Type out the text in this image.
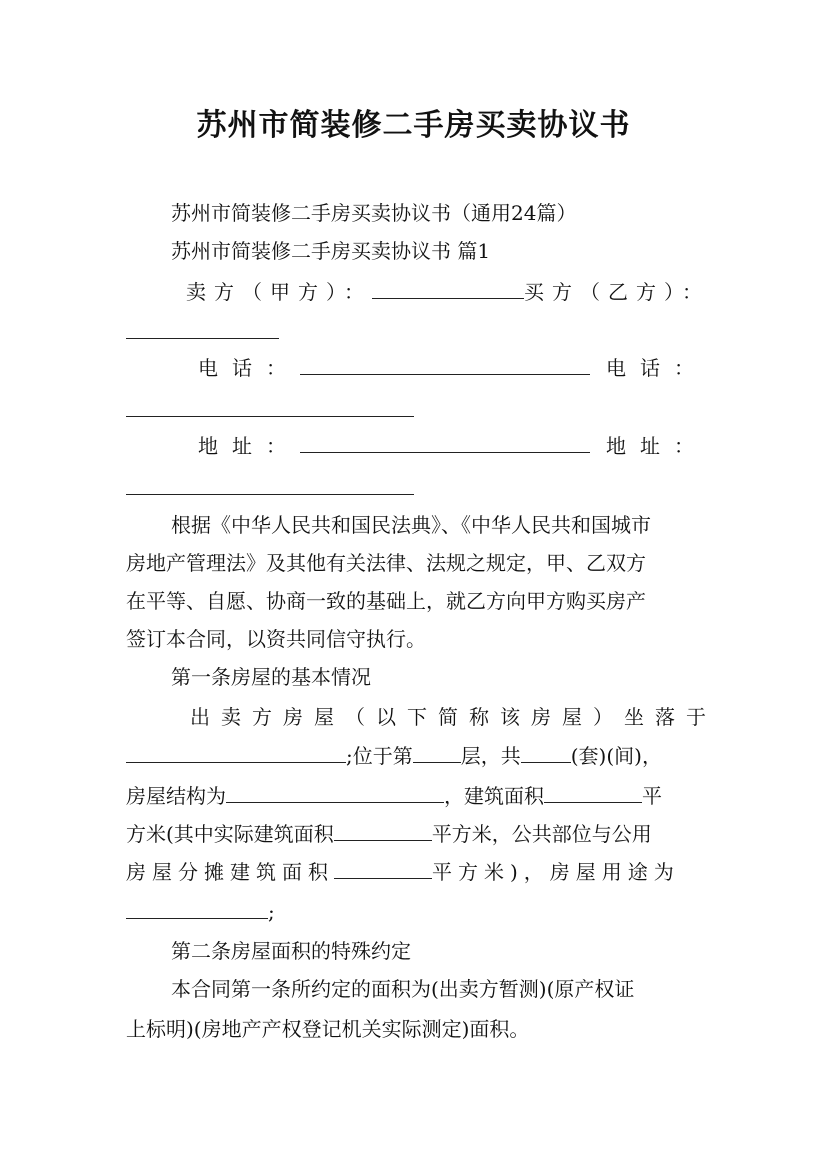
苏州市简装修二手房买卖协议书
苏州市简装修二手房买卖协议书（通用24篇）
苏州市简装修二手房买卖协议书 篇1
卖方（甲方）：	买方（乙方）：
电话：	电话：
地址：	地址：
根据《中华人民共和国民法典》、《中华人民共和国城市
房地产管理法》及其他有关法律、法规之规定，甲、乙双方
在平等、自愿、协商一致的基础上，就乙方向甲方购买房产
签订本合同，以资共同信守执行。
第一条房屋的基本情况
出卖方房屋（以下简称该房屋）坐落于
;位于第 层，共	(套)(间)，
房屋结构为	，建筑面积	平
方米(其中实际建筑面积	平方米，公共部位与公用
房屋分摊建筑面积	平方米)，房屋用途为
;
第二条房屋面积的特殊约定
本合同第一条所约定的面积为(出卖方暂测)(原产权证
上标明)(房地产产权登记机关实际测定)面积。
